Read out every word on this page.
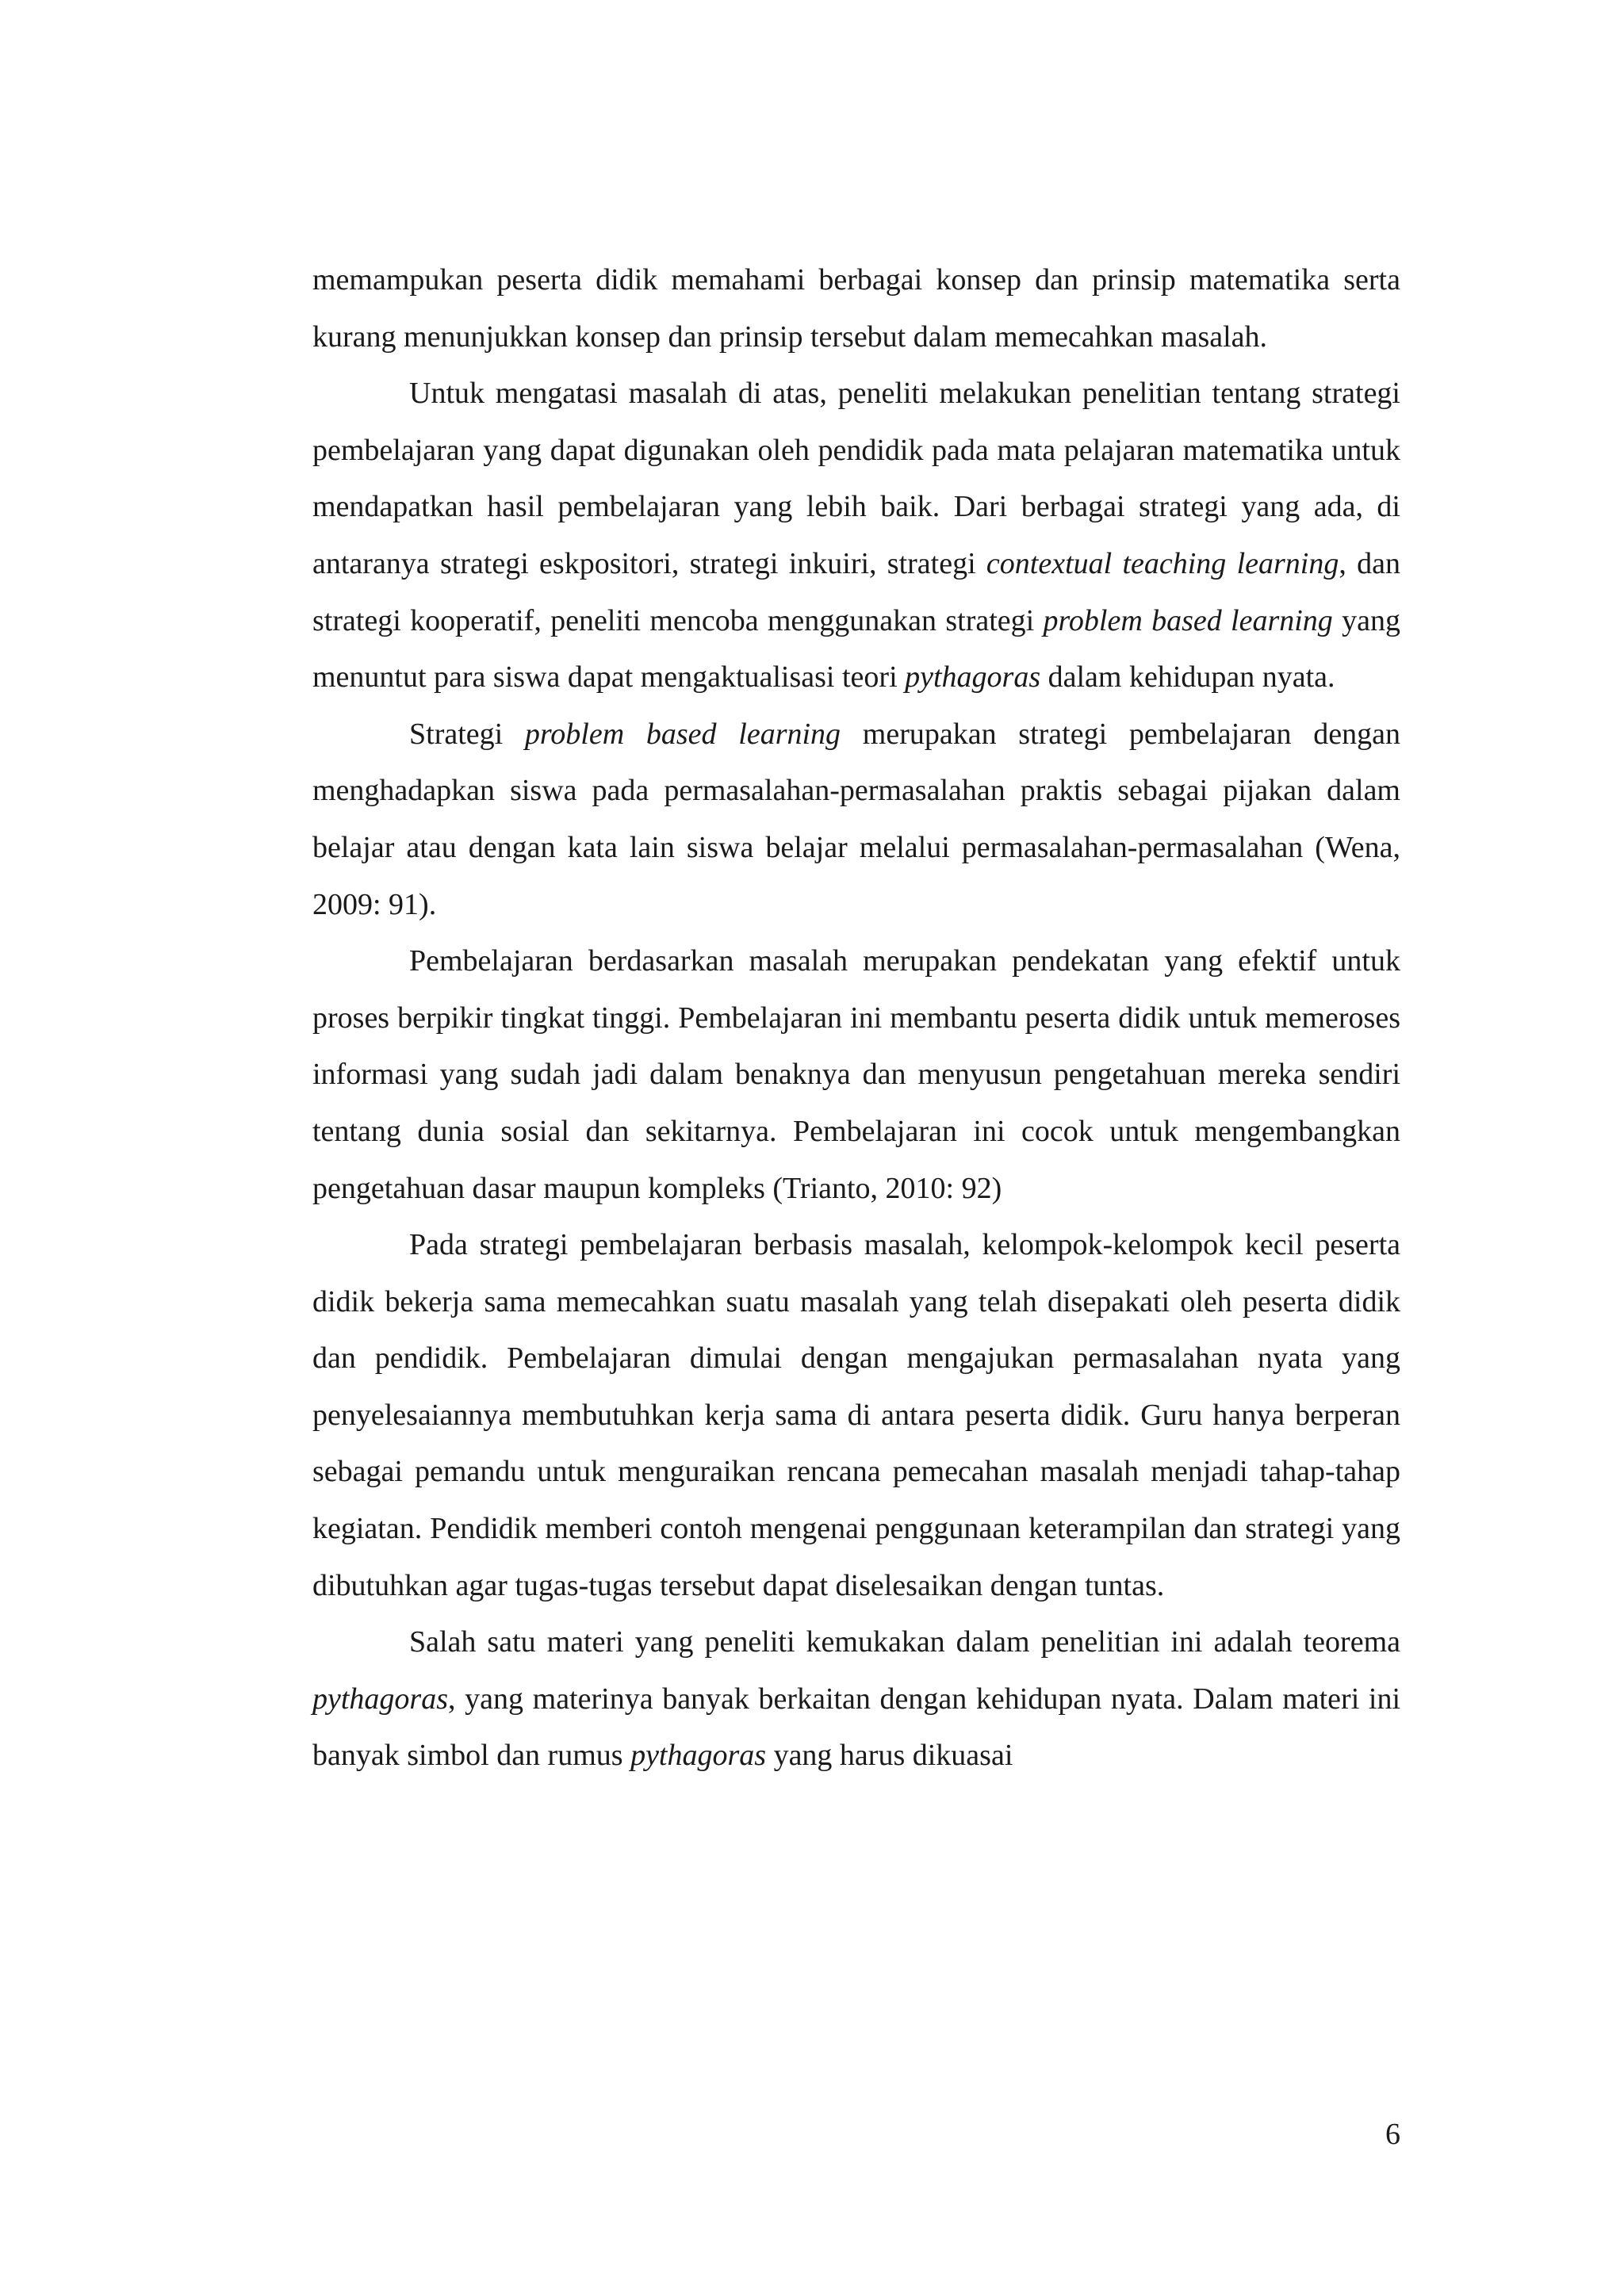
memampukan peserta didik memahami berbagai konsep dan prinsip matematika serta kurang menunjukkan konsep dan prinsip tersebut dalam memecahkan masalah.

Untuk mengatasi masalah di atas, peneliti melakukan penelitian tentang strategi pembelajaran yang dapat digunakan oleh pendidik pada mata pelajaran matematika untuk mendapatkan hasil pembelajaran yang lebih baik. Dari berbagai strategi yang ada, di antaranya strategi eskpositori, strategi inkuiri, strategi contextual teaching learning, dan strategi kooperatif, peneliti mencoba menggunakan strategi problem based learning yang menuntut para siswa dapat mengaktualisasi teori pythagoras dalam kehidupan nyata.

Strategi problem based learning merupakan strategi pembelajaran dengan menghadapkan siswa pada permasalahan-permasalahan praktis sebagai pijakan dalam belajar atau dengan kata lain siswa belajar melalui permasalahan-permasalahan (Wena, 2009: 91).

Pembelajaran berdasarkan masalah merupakan pendekatan yang efektif untuk proses berpikir tingkat tinggi. Pembelajaran ini membantu peserta didik untuk memeroses informasi yang sudah jadi dalam benaknya dan menyusun pengetahuan mereka sendiri tentang dunia sosial dan sekitarnya. Pembelajaran ini cocok untuk mengembangkan pengetahuan dasar maupun kompleks (Trianto, 2010: 92)

Pada strategi pembelajaran berbasis masalah, kelompok-kelompok kecil peserta didik bekerja sama memecahkan suatu masalah yang telah disepakati oleh peserta didik dan pendidik. Pembelajaran dimulai dengan mengajukan permasalahan nyata yang penyelesaiannya membutuhkan kerja sama di antara peserta didik. Guru hanya berperan sebagai pemandu untuk menguraikan rencana pemecahan masalah menjadi tahap-tahap kegiatan. Pendidik memberi contoh mengenai penggunaan keterampilan dan strategi yang dibutuhkan agar tugas-tugas tersebut dapat diselesaikan dengan tuntas.

Salah satu materi yang peneliti kemukakan dalam penelitian ini adalah teorema pythagoras, yang materinya banyak berkaitan dengan kehidupan nyata. Dalam materi ini banyak simbol dan rumus pythagoras yang harus dikuasai

6
